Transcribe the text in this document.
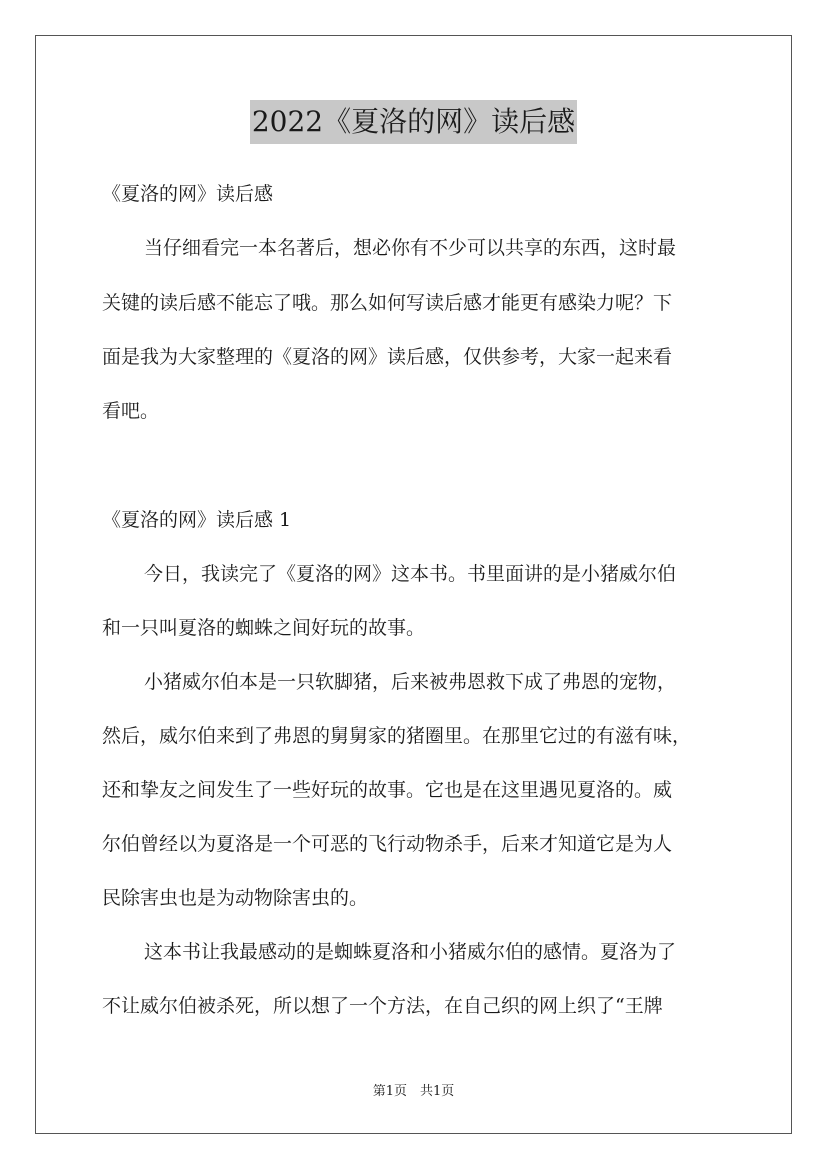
2022《夏洛的网》读后感

《夏洛的网》读后感

当仔细看完一本名著后，想必你有不少可以共享的东西，这时最

关键的读后感不能忘了哦。那么如何写读后感才能更有感染力呢？下

面是我为大家整理的《夏洛的网》读后感，仅供参考，大家一起来看

看吧。

《夏洛的网》读后感 1

今日，我读完了《夏洛的网》这本书。书里面讲的是小猪威尔伯

和一只叫夏洛的蜘蛛之间好玩的故事。

小猪威尔伯本是一只软脚猪，后来被弗恩救下成了弗恩的宠物，

然后，威尔伯来到了弗恩的舅舅家的猪圈里。在那里它过的有滋有味，

还和挚友之间发生了一些好玩的故事。它也是在这里遇见夏洛的。威

尔伯曾经以为夏洛是一个可恶的飞行动物杀手，后来才知道它是为人

民除害虫也是为动物除害虫的。

这本书让我最感动的是蜘蛛夏洛和小猪威尔伯的感情。夏洛为了

不让威尔伯被杀死，所以想了一个方法，在自己织的网上织了“王牌

第1页　共1页
